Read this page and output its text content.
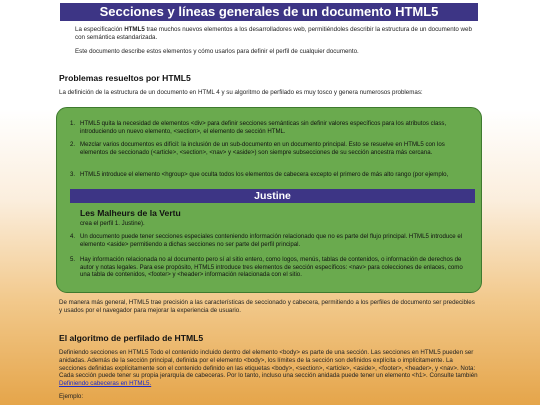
Secciones y líneas generales de un documento HTML5
La especificación HTML5 trae muchos nuevos elementos a los desarrolladores web, permitiéndoles describir la estructura de un documento web con semántica estandarizada.
Este documento describe estos elementos y cómo usarlos para definir el perfil de cualquier documento.
Problemas resueltos por HTML5
La definición de la estructura de un documento en HTML 4 y su algoritmo de perfilado es muy tosco y genera numerosos problemas:
1. HTML5 quita la necesidad de elementos <div> para definir secciones semánticas sin definir valores específicos para los atributos class, introduciendo un nuevo elemento, <section>, el elemento de sección HTML.
2. Mezclar varios documentos es difícil: la inclusión de un sub-documento en un documento principal. Esto se resuelve en HTML5 con los elementos de seccionado (<article>, <section>, <nav> y <aside>) son siempre subsecciones de su sección ancestra más cercana.
3. HTML5 introduce el elemento <hgroup> que oculta todos los elementos de cabecera excepto el primero de más alto rango (por ejemplo,
Justine
Les Malheurs de la Vertu
crea el perfil 1. Justine).
4. Un documento puede tener secciones especiales conteniendo información relacionado que no es parte del flujo principal. HTML5 introduce el elemento <aside> permitiendo a dichas secciones no ser parte del perfil principal.
5. Hay información relacionada no al documento pero sí al sitio entero, como logos, menús, tablas de contenidos, o información de derechos de autor y notas legales. Para ese propósito, HTML5 introduce tres elementos de sección específicos: <nav> para colecciones de enlaces, como una tabla de contenidos, <footer> y <header> información relacionada con el sitio.
De manera más general, HTML5 trae precisión a las características de seccionado y cabecera, permitiendo a los perfiles de documento ser predecibles y usados por el navegador para mejorar la experiencia de usuario.
El algoritmo de perfilado de HTML5
Definiendo secciones en HTML5 Todo el contenido incluido dentro del elemento <body> es parte de una sección. Las secciones en HTML5 pueden ser anidadas. Además de la sección principal, definida por el elemento <body>, los límites de la sección son definidos explícita o implícitamente. La secciones definidas explícitamente son el contenido definido en las etiquetas <body>, <section>, <article>, <aside>, <footer>, <header>, y <nav>. Nota: Cada sección puede tener su propia jerarquía de cabeceras. Por lo tanto, incluso una sección anidada puede tener un elemento <h1>. Consulte también Definiendo cabeceras en HTML5.
Ejemplo:
